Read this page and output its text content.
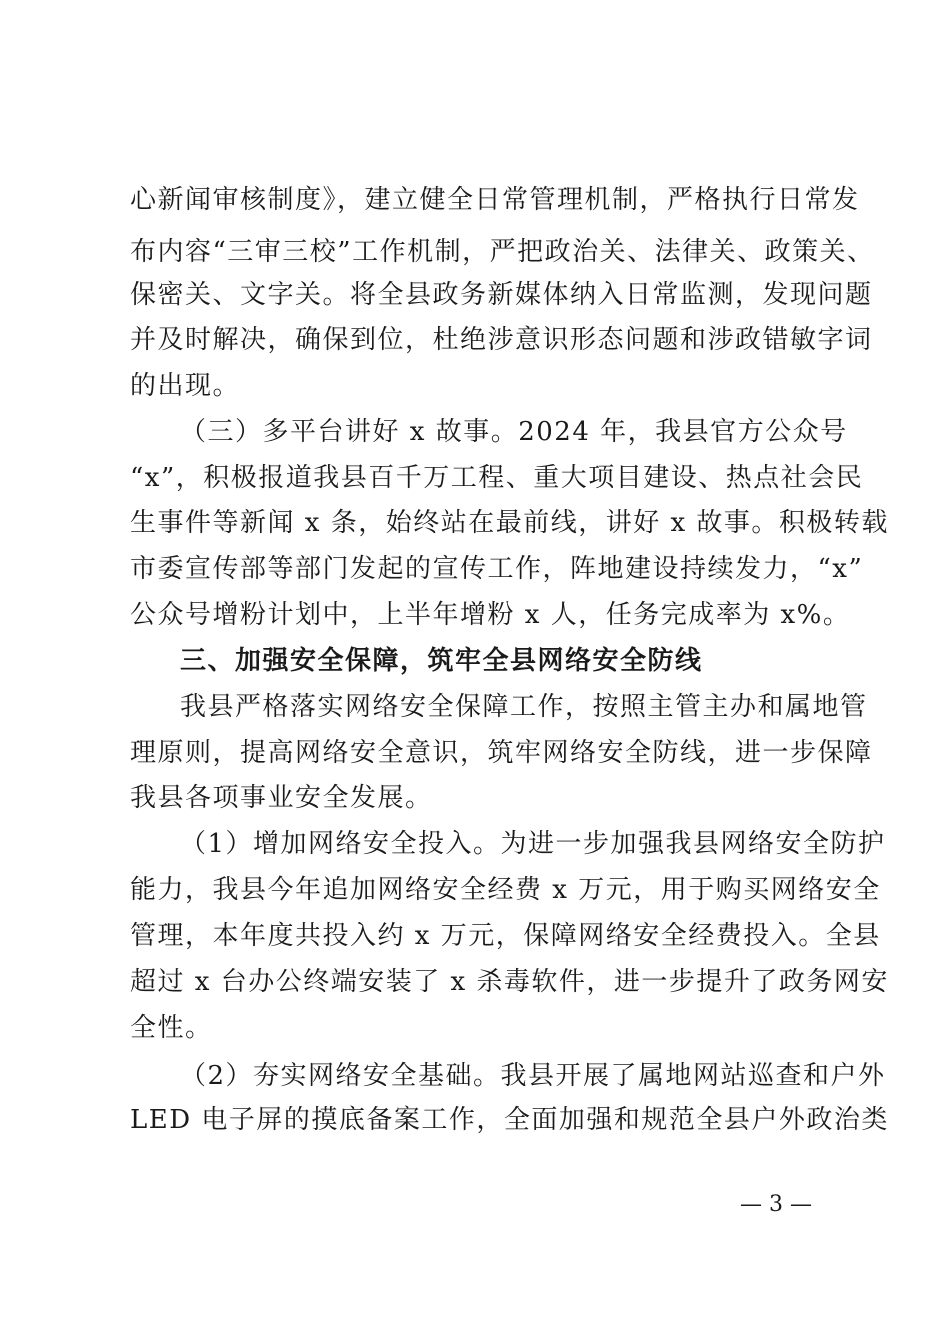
心新闻审核制度》，建立健全日常管理机制，严格执行日常发
布内容“三审三校”工作机制，严把政治关、法律关、政策关、
保密关、文字关。将全县政务新媒体纳入日常监测，发现问题
并及时解决，确保到位，杜绝涉意识形态问题和涉政错敏字词
的出现。
（三）多平台讲好 x 故事。2024 年，我县官方公众号
“x”，积极报道我县百千万工程、重大项目建设、热点社会民
生事件等新闻 x 条，始终站在最前线，讲好 x 故事。积极转载
市委宣传部等部门发起的宣传工作，阵地建设持续发力，“x”
公众号增粉计划中，上半年增粉 x 人，任务完成率为 x%。
三、加强安全保障，筑牢全县网络安全防线
我县严格落实网络安全保障工作，按照主管主办和属地管
理原则，提高网络安全意识，筑牢网络安全防线，进一步保障
我县各项事业安全发展。
（1）增加网络安全投入。为进一步加强我县网络安全防护
能力，我县今年追加网络安全经费 x 万元，用于购买网络安全
管理，本年度共投入约 x 万元，保障网络安全经费投入。全县
超过 x 台办公终端安装了 x 杀毒软件，进一步提升了政务网安
全性。
（2）夯实网络安全基础。我县开展了属地网站巡查和户外
LED 电子屏的摸底备案工作，全面加强和规范全县户外政治类
— 3 —
